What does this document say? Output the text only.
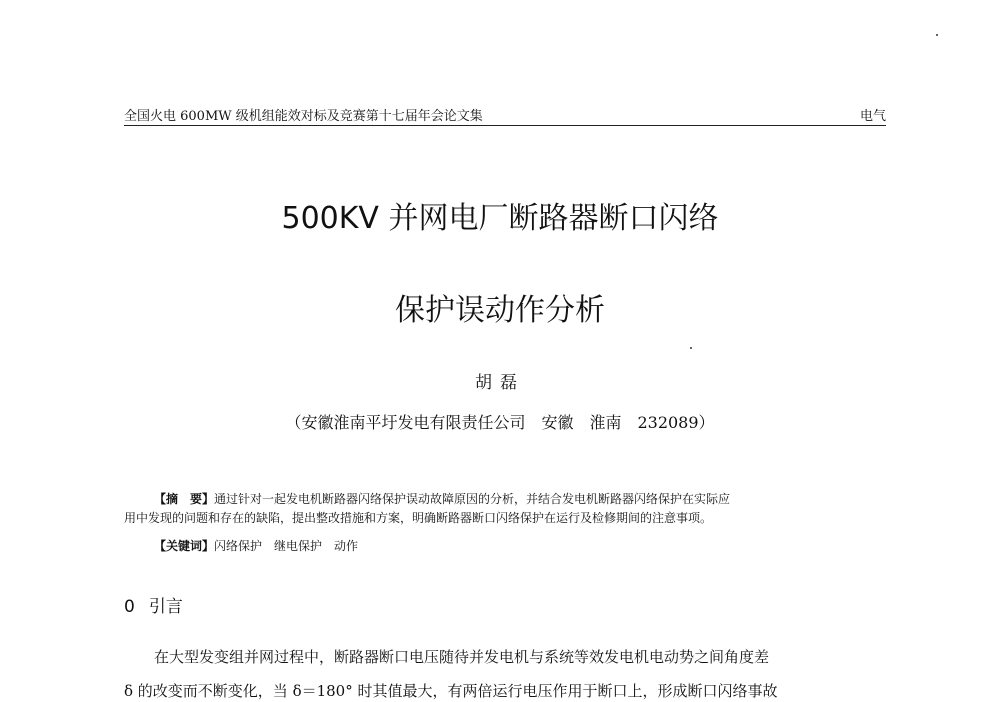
全国火电 600MW 级机组能效对标及竞赛第十七届年会论文集	电气
500KV 并网电厂断路器断口闪络
保护误动作分析
胡磊
（安徽淮南平圩发电有限责任公司　安徽　淮南　232089）
【摘　要】通过针对一起发电机断路器闪络保护误动故障原因的分析，并结合发电机断路器闪络保护在实际应
用中发现的问题和存在的缺陷，提出整改措施和方案，明确断路器断口闪络保护在运行及检修期间的注意事项。
【关键词】闪络保护　继电保护　动作
0 引言
在大型发变组并网过程中，断路器断口电压随待并发电机与系统等效发电机电动势之间角度差
δ 的改变而不断变化，当 δ＝180° 时其值最大，有两倍运行电压作用于断口上，形成断口闪络事故
